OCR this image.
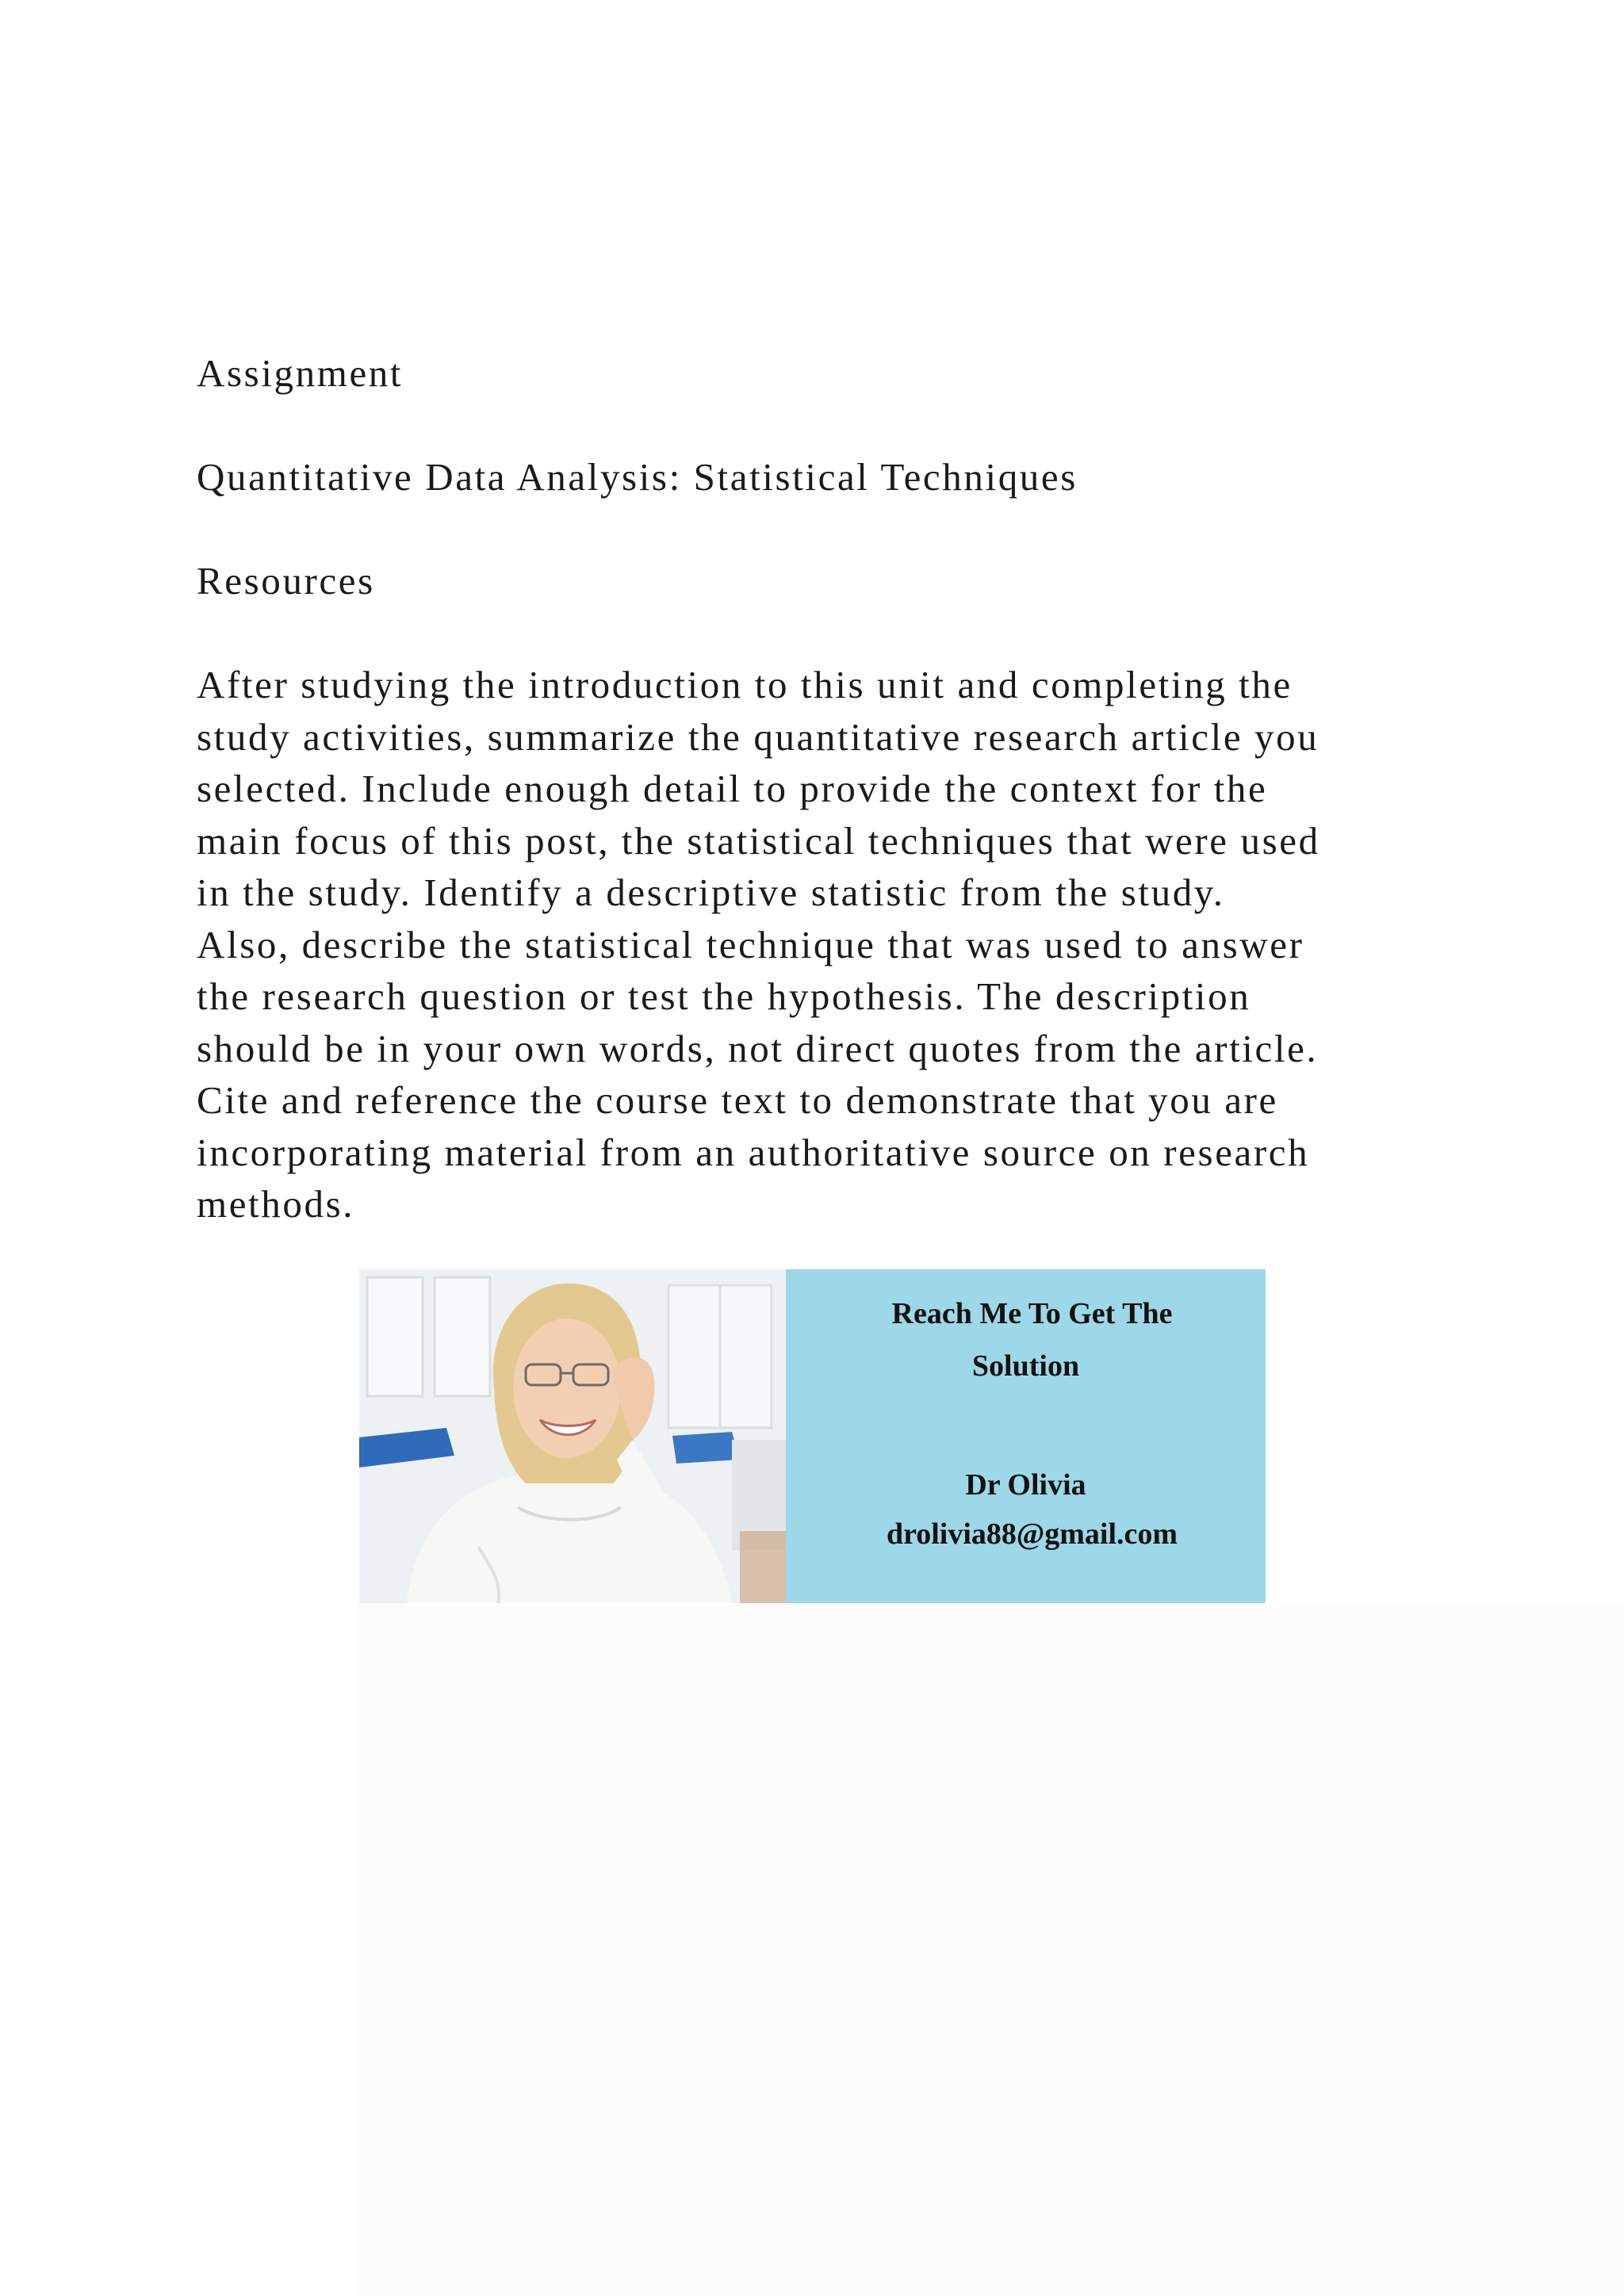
Assignment
Quantitative Data Analysis: Statistical Techniques
Resources
After studying the introduction to this unit and completing the
study activities, summarize the quantitative research article you
selected. Include enough detail to provide the context for the
main focus of this post, the statistical techniques that were used
in the study. Identify a descriptive statistic from the study.
Also, describe the statistical technique that was used to answer
the research question or test the hypothesis. The description
should be in your own words, not direct quotes from the article.
Cite and reference the course text to demonstrate that you are
incorporating material from an authoritative source on research
methods.
Reach Me To Get The
Solution
Dr Olivia
drolivia88@gmail.com
